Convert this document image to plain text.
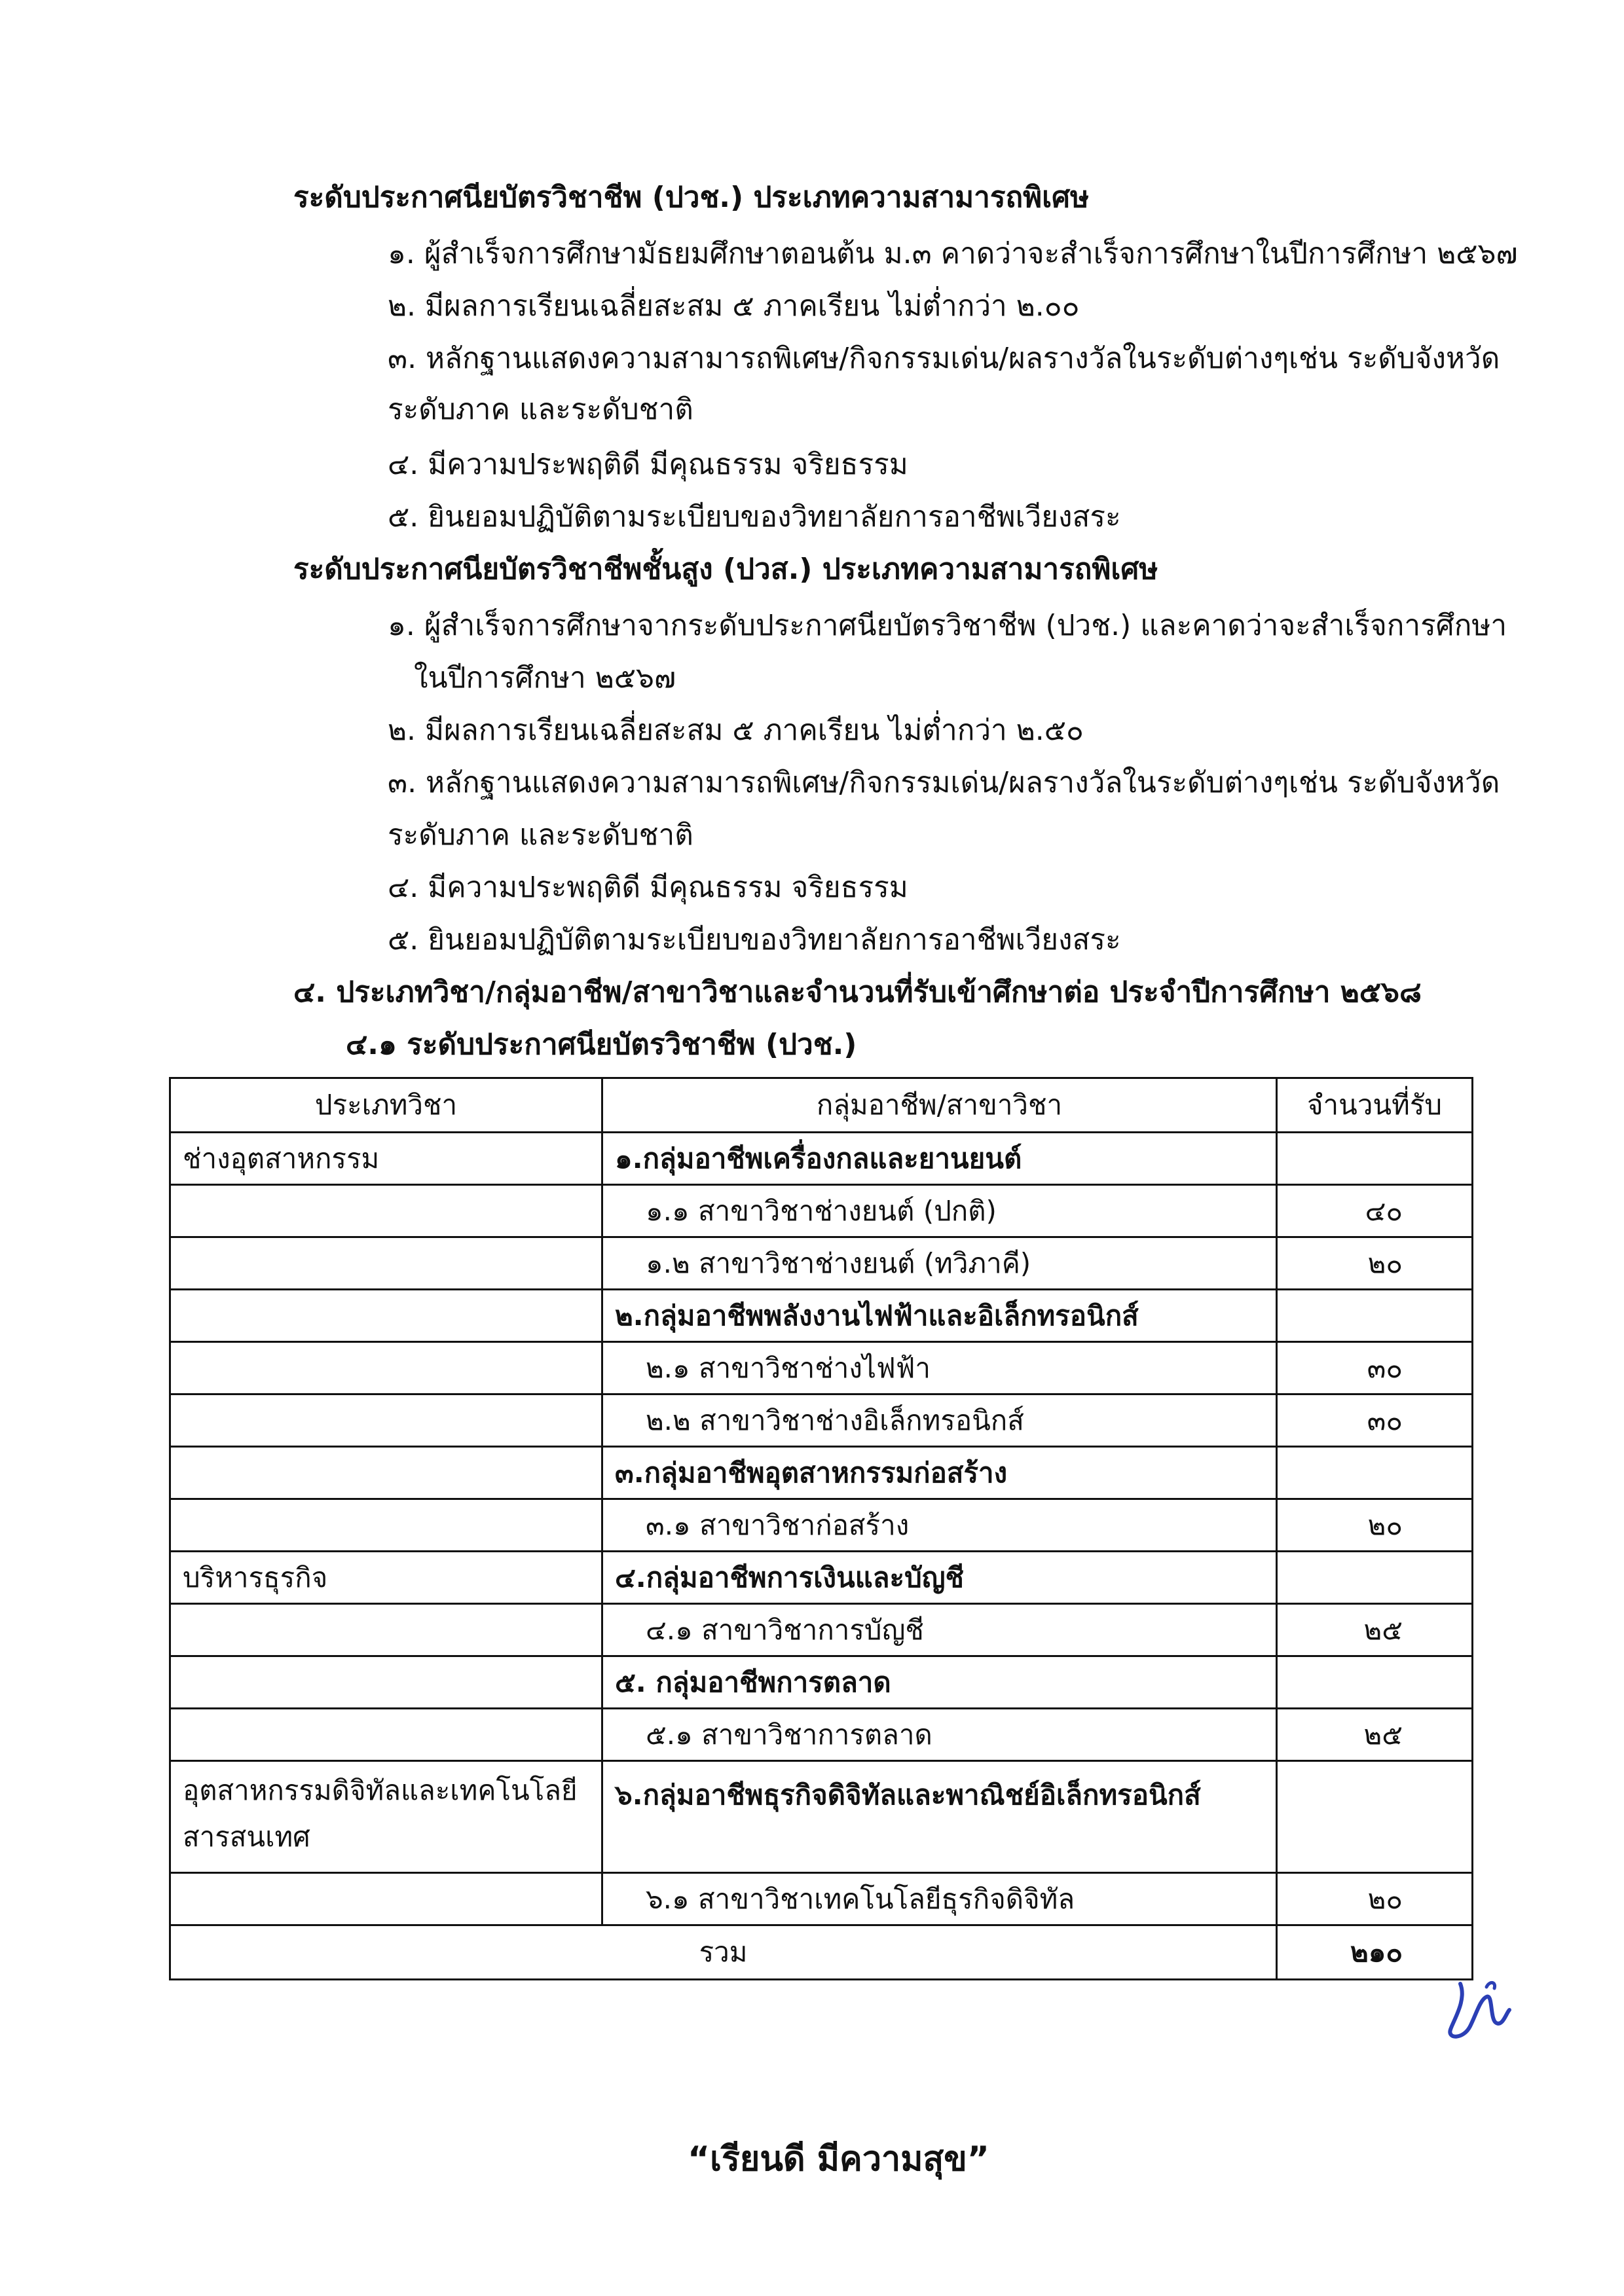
ระดับประกาศนียบัตรวิชาชีพ (ปวช.) ประเภทความสามารถพิเศษ
๑. ผู้สำเร็จการศึกษามัธยมศึกษาตอนต้น ม.๓ คาดว่าจะสำเร็จการศึกษาในปีการศึกษา ๒๕๖๗
๒. มีผลการเรียนเฉลี่ยสะสม ๕ ภาคเรียน ไม่ต่ำกว่า ๒.๐๐
๓. หลักฐานแสดงความสามารถพิเศษ/กิจกรรมเด่น/ผลรางวัลในระดับต่างๆเช่น ระดับจังหวัด
ระดับภาค และระดับชาติ
๔. มีความประพฤติดี มีคุณธรรม จริยธรรม
๕. ยินยอมปฏิบัติตามระเบียบของวิทยาลัยการอาชีพเวียงสระ
ระดับประกาศนียบัตรวิชาชีพชั้นสูง (ปวส.) ประเภทความสามารถพิเศษ
๑. ผู้สำเร็จการศึกษาจากระดับประกาศนียบัตรวิชาชีพ (ปวช.) และคาดว่าจะสำเร็จการศึกษา
ในปีการศึกษา ๒๕๖๗
๒. มีผลการเรียนเฉลี่ยสะสม ๕ ภาคเรียน ไม่ต่ำกว่า ๒.๕๐
๓. หลักฐานแสดงความสามารถพิเศษ/กิจกรรมเด่น/ผลรางวัลในระดับต่างๆเช่น ระดับจังหวัด
ระดับภาค และระดับชาติ
๔. มีความประพฤติดี มีคุณธรรม จริยธรรม
๕. ยินยอมปฏิบัติตามระเบียบของวิทยาลัยการอาชีพเวียงสระ
๔. ประเภทวิชา/กลุ่มอาชีพ/สาขาวิชาและจำนวนที่รับเข้าศึกษาต่อ ประจำปีการศึกษา ๒๕๖๘
๔.๑ ระดับประกาศนียบัตรวิชาชีพ (ปวช.)
ประเภทวิชา	กลุ่มอาชีพ/สาขาวิชา	จำนวนที่รับ
ช่างอุตสาหกรรม	๑.กลุ่มอาชีพเครื่องกลและยานยนต์	
	๑.๑ สาขาวิชาช่างยนต์ (ปกติ)	๔๐
	๑.๒ สาขาวิชาช่างยนต์ (ทวิภาคี)	๒๐
	๒.กลุ่มอาชีพพลังงานไฟฟ้าและอิเล็กทรอนิกส์	
	๒.๑ สาขาวิชาช่างไฟฟ้า	๓๐
	๒.๒ สาขาวิชาช่างอิเล็กทรอนิกส์	๓๐
	๓.กลุ่มอาชีพอุตสาหกรรมก่อสร้าง	
	๓.๑ สาขาวิชาก่อสร้าง	๒๐
บริหารธุรกิจ	๔.กลุ่มอาชีพการเงินและบัญชี	
	๔.๑ สาขาวิชาการบัญชี	๒๕
	๕. กลุ่มอาชีพการตลาด	
	๕.๑ สาขาวิชาการตลาด	๒๕
อุตสาหกรรมดิจิทัลและเทคโนโลยีสารสนเทศ	๖.กลุ่มอาชีพธุรกิจดิจิทัลและพาณิชย์อิเล็กทรอนิกส์	
	๖.๑ สาขาวิชาเทคโนโลยีธุรกิจดิจิทัล	๒๐
รวม		๒๑๐
“เรียนดี มีความสุข”
